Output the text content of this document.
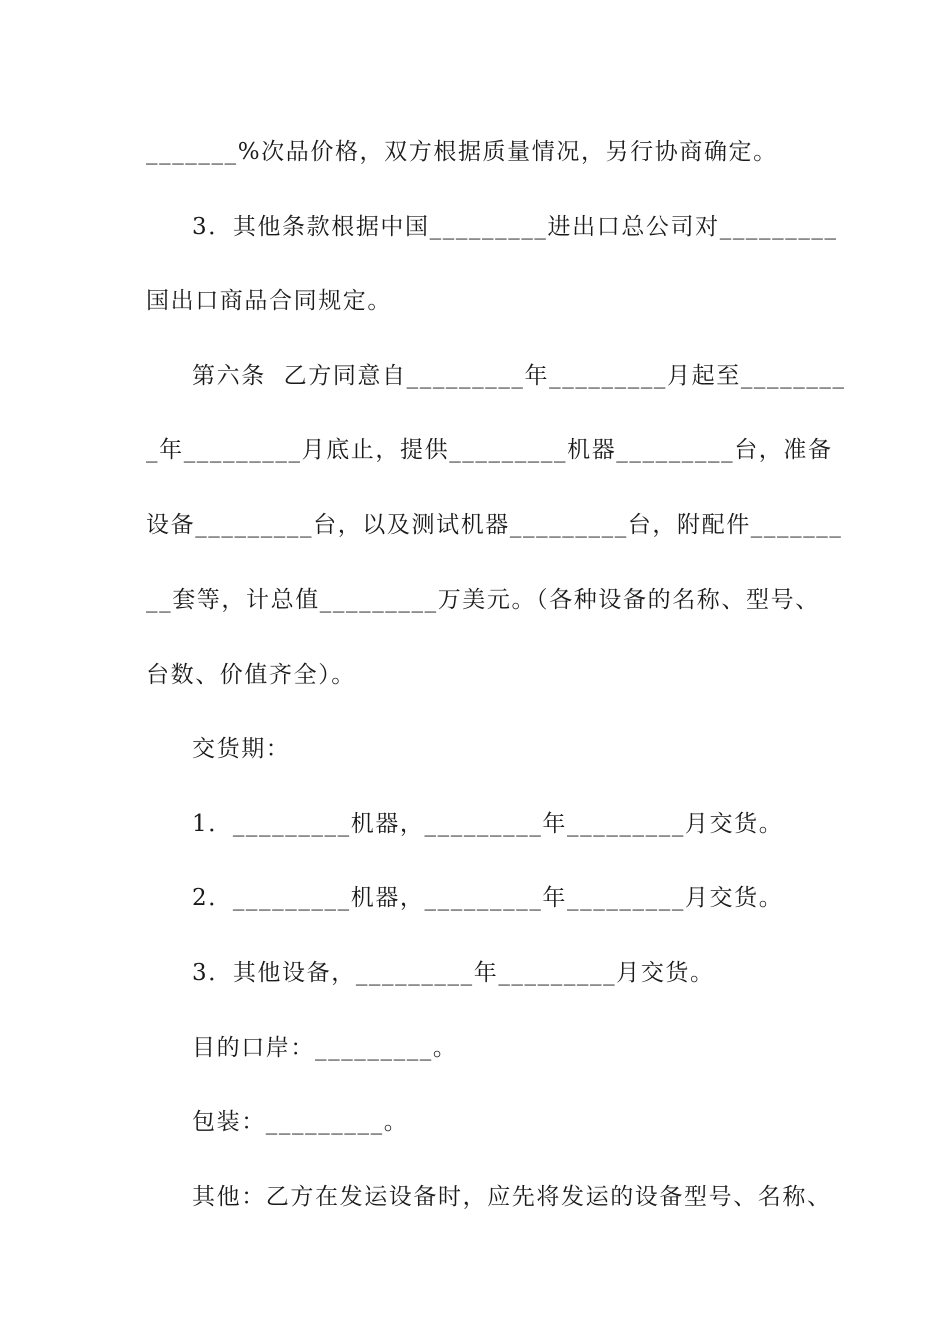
_______%次品价格，双方根据质量情况，另行协商确定。
3．其他条款根据中国_________进出口总公司对_________
国出口商品合同规定。
第六条  乙方同意自_________年_________月起至________
_年_________月底止，提供_________机器_________台，准备
设备_________台，以及测试机器_________台，附配件_______
__套等，计总值_________万美元。（各种设备的名称、型号、
台数、价值齐全）。
交货期：
1．_________机器，_________年_________月交货。
2．_________机器，_________年_________月交货。
3．其他设备，_________年_________月交货。
目的口岸：_________。
包装：_________。
其他：乙方在发运设备时，应先将发运的设备型号、名称、
